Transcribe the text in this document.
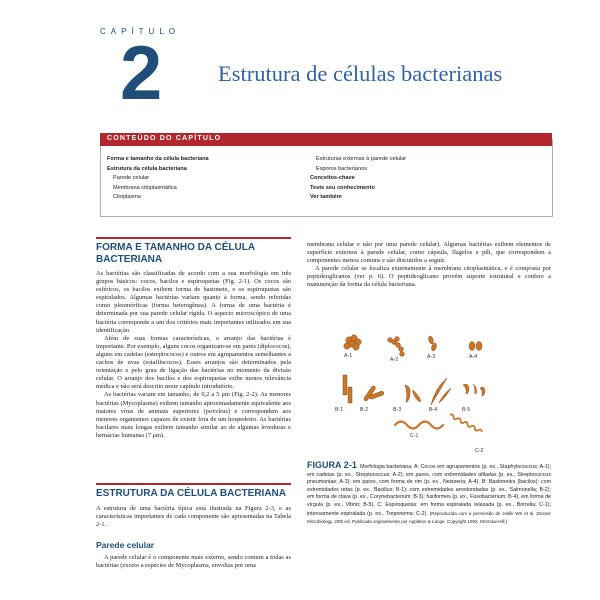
CAPÍTULO
2 Estrutura de células bacterianas
CONTEÚDO DO CAPÍTULO
Forma e tamanho da célula bacteriana
Estrutura da célula bacteriana
Parede celular
Membrana citoplasmática
Citoplasma
Estruturas externas à parede celular
Esporos bacterianos
Conceitos-chave
Teste seu conhecimento
Ver também
FORMA E TAMANHO DA CÉLULA BACTERIANA

As bactérias são classificadas de acordo com a sua morfologia em três grupos básicos: cocos, bacilos e espiroquetas (Fig. 2-1). Os cocos são esféricos, os bacilos exibem forma de bastonete, e os espiroquetas são espiralados. Algumas bactérias variam quanto à forma, sendo referidas como pleomórficas (forma heterogênea). A forma de uma bactéria é determinada por sua parede celular rígida. O aspecto microscópico de uma bactéria corresponde a um dos critérios mais importantes utilizados em sua identificação.

Além de suas formas características, o arranjo das bactérias é importante. Por exemplo, alguns cocos organizam-se em pares (diplococos), alguns em cadeias (estreptococos) e outros em agrupamentos semelhantes a cachos de uvas (estafilococos). Esses arranjos são determinados pela orientação e pelo grau de ligação das bactérias no momento da divisão celular. O arranjo dos bacilos e dos espiroquetas exibe menos relevância médica e não será descrito neste capítulo introdutório.

As bactérias variam em tamanho, de 0,2 a 5 μm (Fig. 2-2). As menores bactérias (Mycoplasma) exibem tamanho aproximadamente equivalente aos maiores vírus de animais superiores (poxvírus) e correspondem aos menores organismos capazes de existir fora de um hospedeiro. As bactérias bacilares mais longas exibem tamanho similar ao de algumas leveduras e hemácias humanas (7 μm).

ESTRUTURA DA CÉLULA BACTERIANA

A estrutura de uma bactéria típica está ilustrada na Figura 2-3, e as características importantes de cada componente são apresentadas na Tabela 2-1.

Parede celular

A parede celular é o componente mais externo, sendo comum a todas as bactérias (exceto a espécies de Mycoplasma, envoltas por uma

membrana celular e não por uma parede celular). Algumas bactérias exibem elementos de superfície externos à parede celular, como cápsula, flagelos e pili, que correspondem a componentes menos comuns e são discutidos a seguir.

A parede celular se localiza externamente à membrana citoplasmática, e é composta por peptideoglicanos (ver p. 6). O peptideoglicano provém suporte estrutural e confere a manutenção da forma da célula bacteriana.

A-1
A-2	A-3	A-4
B-1	B-2	B-3	B-4	B-5
C-1
C-2
FIGURA 2-1 Morfologia bacteriana. A: Cocos em agrupamentos (p. ex., Staphylococcus; A-1); em cadeias (p. ex., Streptococcus; A-2); em pares, com extremidades afiladas (p. ex., Streptococcus pneumoniae; A-3); em pares, com forma de rim (p. ex., Neisseria; A-4). B: Bastonetes (bacilos): com extremidades retas (p. ex., Bacillus; B-1); com extremidades arredondadas (p. ex., Salmonella; B-2); em forma de clava (p. ex., Corynebacterium; B-3); fusiformes (p. ex., Fusobacterium; B-4); em forma de vírgula (p. ex., Vibrio; B-5). C: Espiroquetas: em forma espiralada relaxada (p. ex., Borrelia; C-1); intensamente espiralada (p. ex., Treponema; C-2). (Reproduzida com a permissão de Joklik WK et al. Zinsser Microbiology. 20th ed. Publicada originalmente por Appleton & Lange. Copyright 1992, McGraw-Hill.)
